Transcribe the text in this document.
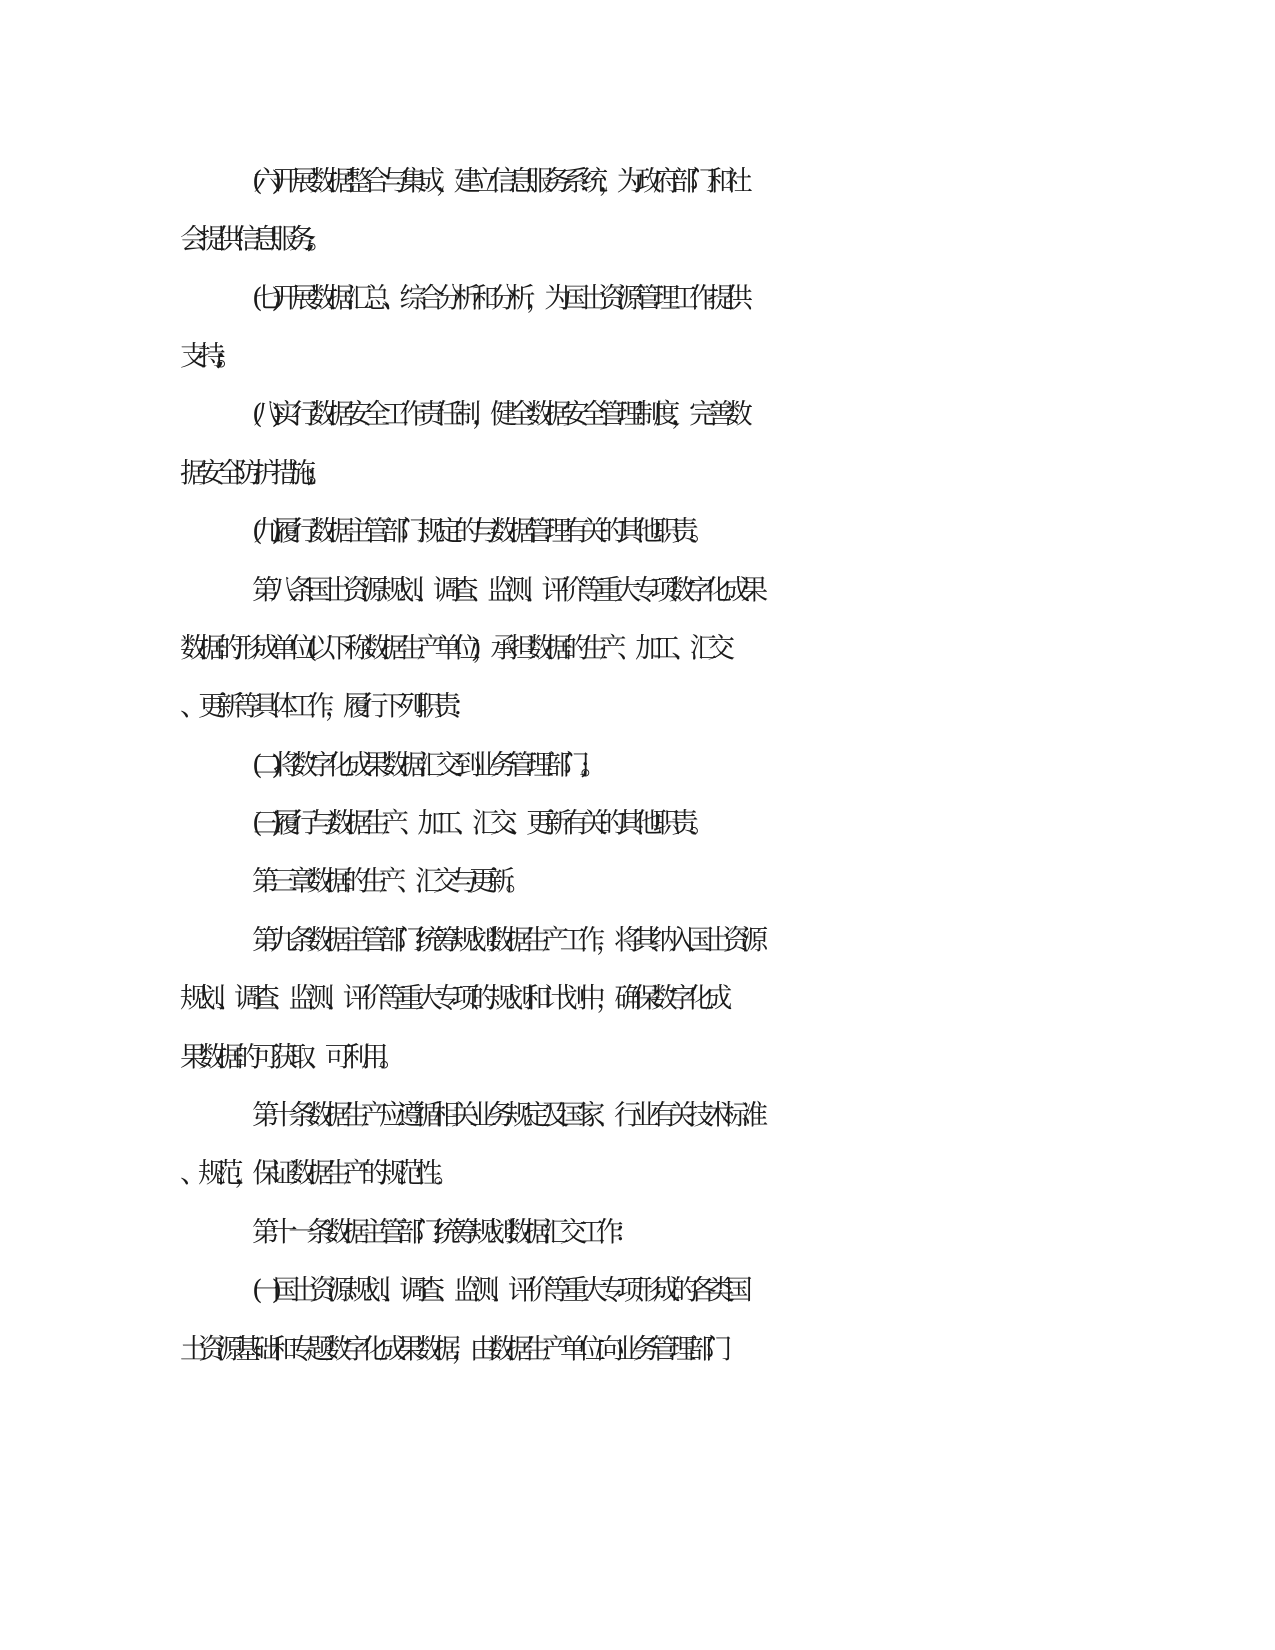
(六)开展数据整合与集成，建立信息服务系统，为政府部门和社
会提供信息服务;。
(七)开展数据汇总、综合分析和分析，为国土资源管理工作提供
支持;。
(八)实行数据安全工作责任制，健全数据安全管理制度，完善数
据安全防护措施;。
(九)履行数据主管部门规定的与数据管理有关的其他职责。
第八条国土资源规划、调查、监测、评价等重大专项数字化成果
数据的形成单位(以下称数据生产单位)，承担数据的生产、加工、汇交
、更新等具体工作，履行下列职责：
(二)将数字化成果数据汇交到业务管理部门;。
(三)履行与数据生产、加工、汇交、更新有关的其他职责。
第三章数据的生产、汇交与更新。
第九条数据主管部门统筹规划数据生产工作，将其纳入国土资源
规划、调查、监测、评价等重大专项的规划和计划中，确保数字化成
果数据的可获取、可利用。
第十条数据生产应遵循相关业务规定及国家、行业有关技术标准
、规范，保证数据生产的规范性。
第十一条数据主管部门统筹规划数据汇交工作：
(一)国土资源规划、调查、监测、评价等重大专项形成的各类国
土资源基础和专题数字化成果数据，由数据生产单位向业务管理部门
